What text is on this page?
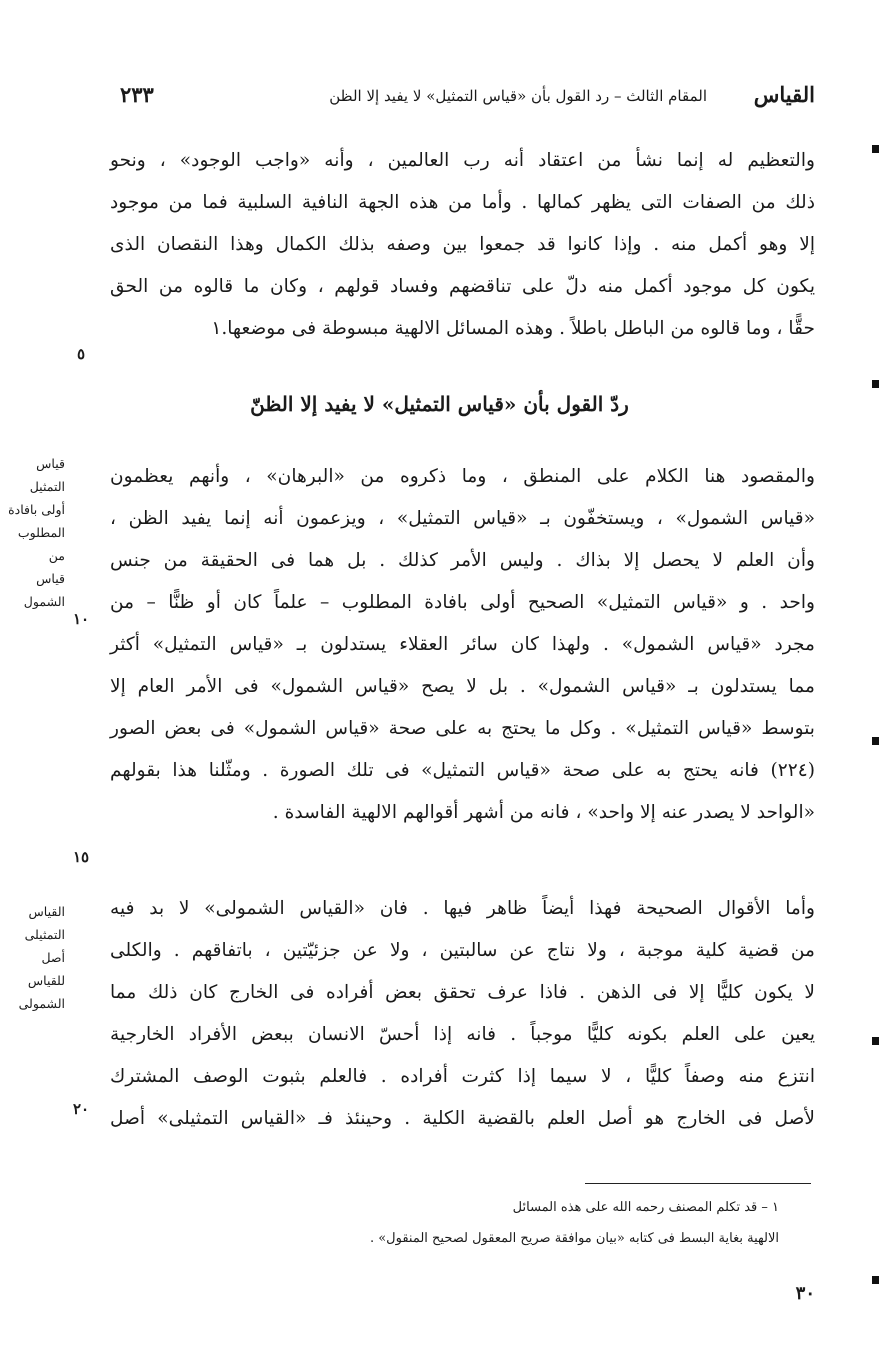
القياس
المقام الثالث – رد القول بأن «قياس التمثيل» لا يفيد إلا الظن
٢٣٣

والتعظيم له إنما نشأ من اعتقاد أنه رب العالمين ، وأنه «واجب الوجود» ، ونحو

ذلك من الصفات التى يظهر كمالها . وأما من هذه الجهة النافية السلبية فما من موجود

إلا وهو أكمل منه . وإذا كانوا قد جمعوا بين وصفه بذلك الكمال وهذا النقصان الذى

يكون كل موجود أكمل منه دلّ على تناقضهم وفساد قولهم ، وكان ما قالوه من الحق

حقًّا ، وما قالوه من الباطل باطلاً . وهذه المسائل الالهية مبسوطة فى موضعها.١

ردّ القول بأن «قياس التمثيل» لا يفيد إلا الظنّ

والمقصود هنا الكلام على المنطق ، وما ذكروه من «البرهان» ، وأنهم يعظمون

«قياس الشمول» ، ويستخفّون بـ «قياس التمثيل» ، ويزعمون أنه إنما يفيد الظن ،

وأن العلم لا يحصل إلا بذاك . وليس الأمر كذلك . بل هما فى الحقيقة من جنس

واحد . و «قياس التمثيل» الصحيح أولى بافادة المطلوب – علماً كان أو ظنًّا – من

مجرد «قياس الشمول» . ولهذا كان سائر العقلاء يستدلون بـ «قياس التمثيل» أكثر

مما يستدلون بـ «قياس الشمول» . بل لا يصح «قياس الشمول» فى الأمر العام إلا

بتوسط «قياس التمثيل» . وكل ما يحتج به على صحة «قياس الشمول» فى بعض الصور

(٢٢٤) فانه يحتج به على صحة «قياس التمثيل» فى تلك الصورة . ومثّلنا هذا بقولهم

«الواحد لا يصدر عنه إلا واحد» ، فانه من أشهر أقوالهم الالهية الفاسدة .

وأما الأقوال الصحيحة فهذا أيضاً ظاهر فيها . فان «القياس الشمولى» لا بد فيه

من قضية كلية موجبة ، ولا نتاج عن سالبتين ، ولا عن جزئيّتين ، باتفاقهم . والكلى

لا يكون كليًّا إلا فى الذهن . فاذا عرف تحقق بعض أفراده فى الخارج كان ذلك مما

يعين على العلم بكونه كليًّا موجباً . فانه إذا أحسّ الانسان ببعض الأفراد الخارجية

انتزع منه وصفاً كليًّا ، لا سيما إذا كثرت أفراده . فالعلم بثبوت الوصف المشترك

لأصل فى الخارج هو أصل العلم بالقضية الكلية . وحينئذ فـ «القياس التمثيلى» أصل

قياس التمثيل
أولى بافادة
المطلوب من
قياس الشمول
القياس التمثيلى
أصل للقياس
الشمولى
٥
١٠
١٥
٢٠
١ – قد تكلم المصنف رحمه الله على هذه المسائل
الالهية بغاية البسط فى كتابه «بيان موافقة صريح المعقول لصحيح المنقول» .
٣٠
